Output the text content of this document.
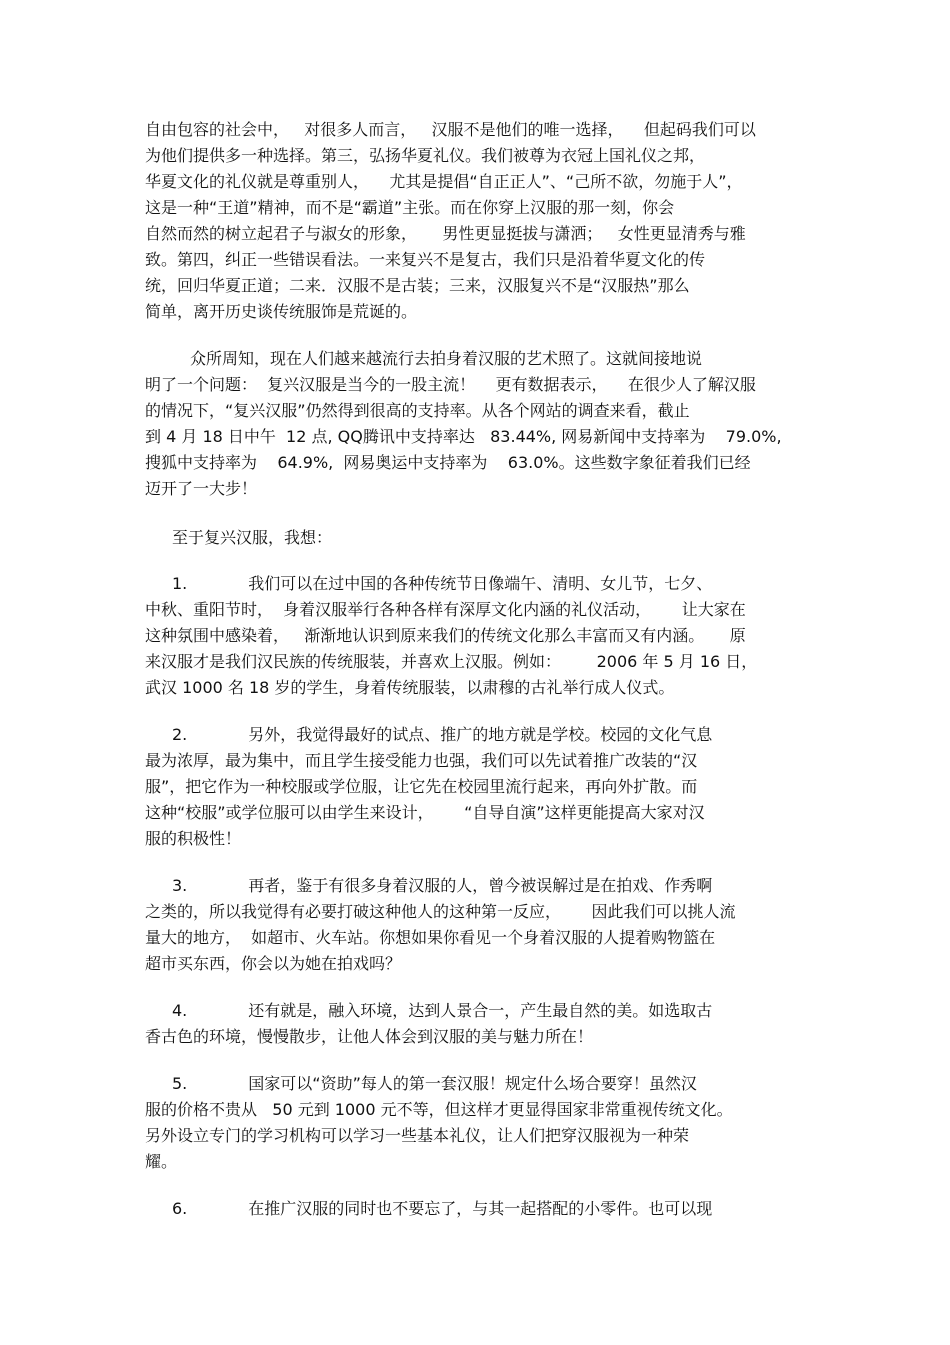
自由包容的社会中，   对很多人而言，   汉服不是他们的唯一选择，    但起码我们可以
为他们提供多一种选择。第三，弘扬华夏礼仪。我们被尊为衣冠上国礼仪之邦，
华夏文化的礼仪就是尊重别人，    尤其是提倡“自正正人”、“己所不欲，勿施于人”，
这是一种“王道”精神，而不是“霸道”主张。而在你穿上汉服的那一刻，你会
自然而然的树立起君子与淑女的形象，     男性更显挺拔与潇洒；   女性更显清秀与雅
致。第四，纠正一些错误看法。一来复兴不是复古，我们只是沿着华夏文化的传
统，回归华夏正道；二来．汉服不是古装；三来，汉服复兴不是“汉服热”那么
简单，离开历史谈传统服饰是荒诞的。
众所周知，现在人们越来越流行去拍身着汉服的艺术照了。这就间接地说
明了一个问题：  复兴汉服是当今的一股主流！    更有数据表示，    在很少人了解汉服
的情况下，“复兴汉服”仍然得到很高的支持率。从各个网站的调查来看，截止
到 4 月 18 日中午  12 点, QQ腾讯中支持率达   83.44%, 网易新闻中支持率为    79.0%,
搜狐中支持率为    64.9%,  网易奥运中支持率为    63.0%。这些数字象征着我们已经
迈开了一大步！
至于复兴汉服，我想：
1.            我们可以在过中国的各种传统节日像端午、清明、女儿节，七夕、
中秋、重阳节时，  身着汉服举行各种各样有深厚文化内涵的礼仪活动，      让大家在
这种氛围中感染着，   渐渐地认识到原来我们的传统文化那么丰富而又有内涵。     原
来汉服才是我们汉民族的传统服装，并喜欢上汉服。例如：       2006 年 5 月 16 日，
武汉 1000 名 18 岁的学生，身着传统服装，以肃穆的古礼举行成人仪式。
2.            另外，我觉得最好的试点、推广的地方就是学校。校园的文化气息
最为浓厚，最为集中，而且学生接受能力也强，我们可以先试着推广改装的“汉
服”，把它作为一种校服或学位服，让它先在校园里流行起来，再向外扩散。而
这种“校服”或学位服可以由学生来设计，      “自导自演”这样更能提高大家对汉
服的积极性！
3.            再者，鉴于有很多身着汉服的人，曾今被误解过是在拍戏、作秀啊
之类的，所以我觉得有必要打破这种他人的这种第一反应，      因此我们可以挑人流
量大的地方，  如超市、火车站。你想如果你看见一个身着汉服的人提着购物篮在
超市买东西，你会以为她在拍戏吗？
4.            还有就是，融入环境，达到人景合一，产生最自然的美。如选取古
香古色的环境，慢慢散步，让他人体会到汉服的美与魅力所在！
5.            国家可以“资助”每人的第一套汉服！规定什么场合要穿！虽然汉
服的价格不贵从   50 元到 1000 元不等，但这样才更显得国家非常重视传统文化。
另外设立专门的学习机构可以学习一些基本礼仪，让人们把穿汉服视为一种荣
耀。
6.            在推广汉服的同时也不要忘了，与其一起搭配的小零件。也可以现
